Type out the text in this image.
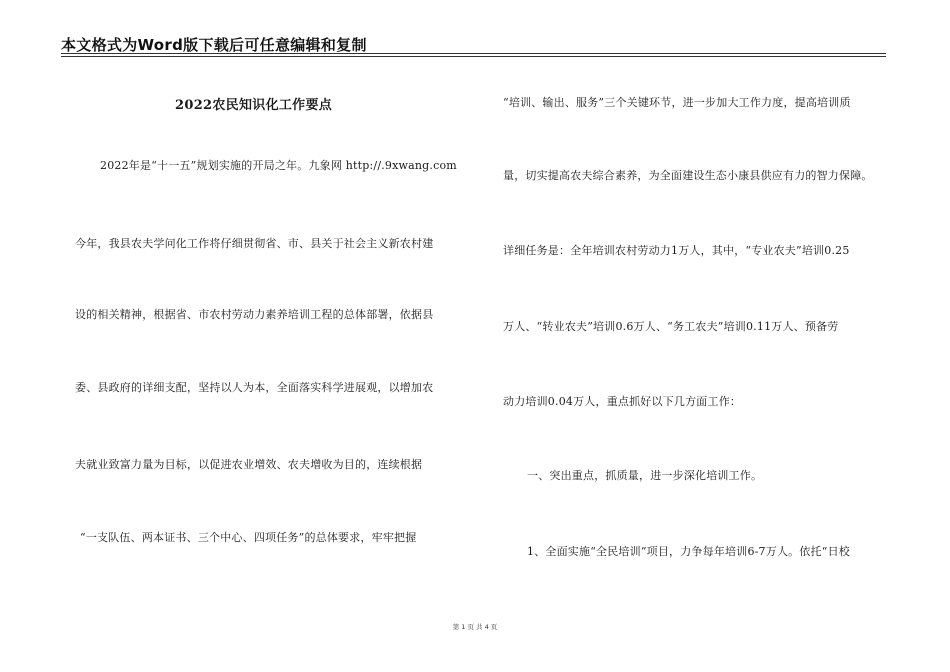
本文格式为Word版下载后可任意编辑和复制
2022农民知识化工作要点
2022年是“十一五”规划实施的开局之年。九象网 http://.9xwang.com
今年，我县农夫学问化工作将仔细贯彻省、市、县关于社会主义新农村建
设的相关精神，根据省、市农村劳动力素养培训工程的总体部署，依据县
委、县政府的详细支配，坚持以人为本，全面落实科学进展观，以增加农
夫就业致富力量为目标，以促进农业增效、农夫增收为目的，连续根据
“一支队伍、两本证书、三个中心、四项任务”的总体要求，牢牢把握
“培训、输出、服务”三个关键环节，进一步加大工作力度，提高培训质
量，切实提高农夫综合素养，为全面建设生态小康县供应有力的智力保障。
详细任务是：全年培训农村劳动力1万人，其中，“专业农夫”培训0.25
万人、“转业农夫”培训0.6万人、“务工农夫”培训0.11万人、预备劳
动力培训0.04万人，重点抓好以下几方面工作：
一、突出重点，抓质量，进一步深化培训工作。
1、全面实施“全民培训”项目，力争每年培训6-7万人。依托“日校
第 1 页 共 4 页
